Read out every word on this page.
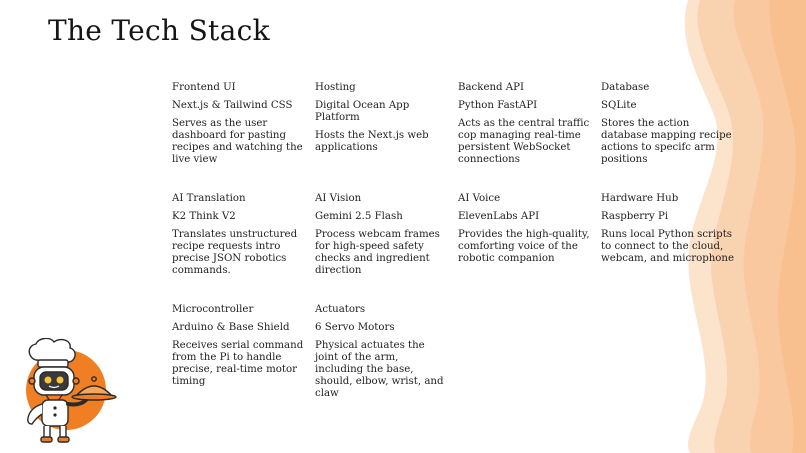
The Tech Stack

Frontend UI

Next.js & Tailwind CSS

Serves as the user dashboard for pasting recipes and watching the live view

Hosting

Digital Ocean App Platform

Hosts the Next.js web applications

Backend API

Python FastAPI

Acts as the central traffic cop managing real-time persistent WebSocket connections

Database

SQLite

Stores the action database mapping recipe actions to specifc arm positions

AI Translation

K2 Think V2

Translates unstructured recipe requests intro precise JSON robotics commands.

AI Vision

Gemini 2.5 Flash

Process webcam frames for high-speed safety checks and ingredient direction

AI Voice

ElevenLabs API

Provides the high-quality, comforting voice of the robotic companion

Hardware Hub

Raspberry Pi

Runs local Python scripts to connect to the cloud, webcam, and microphone

Microcontroller

Arduino & Base Shield

Receives serial command from the Pi to handle precise, real-time motor timing

Actuators

6 Servo Motors

Physical actuates the joint of the arm, including the base, should, elbow, wrist, and claw
